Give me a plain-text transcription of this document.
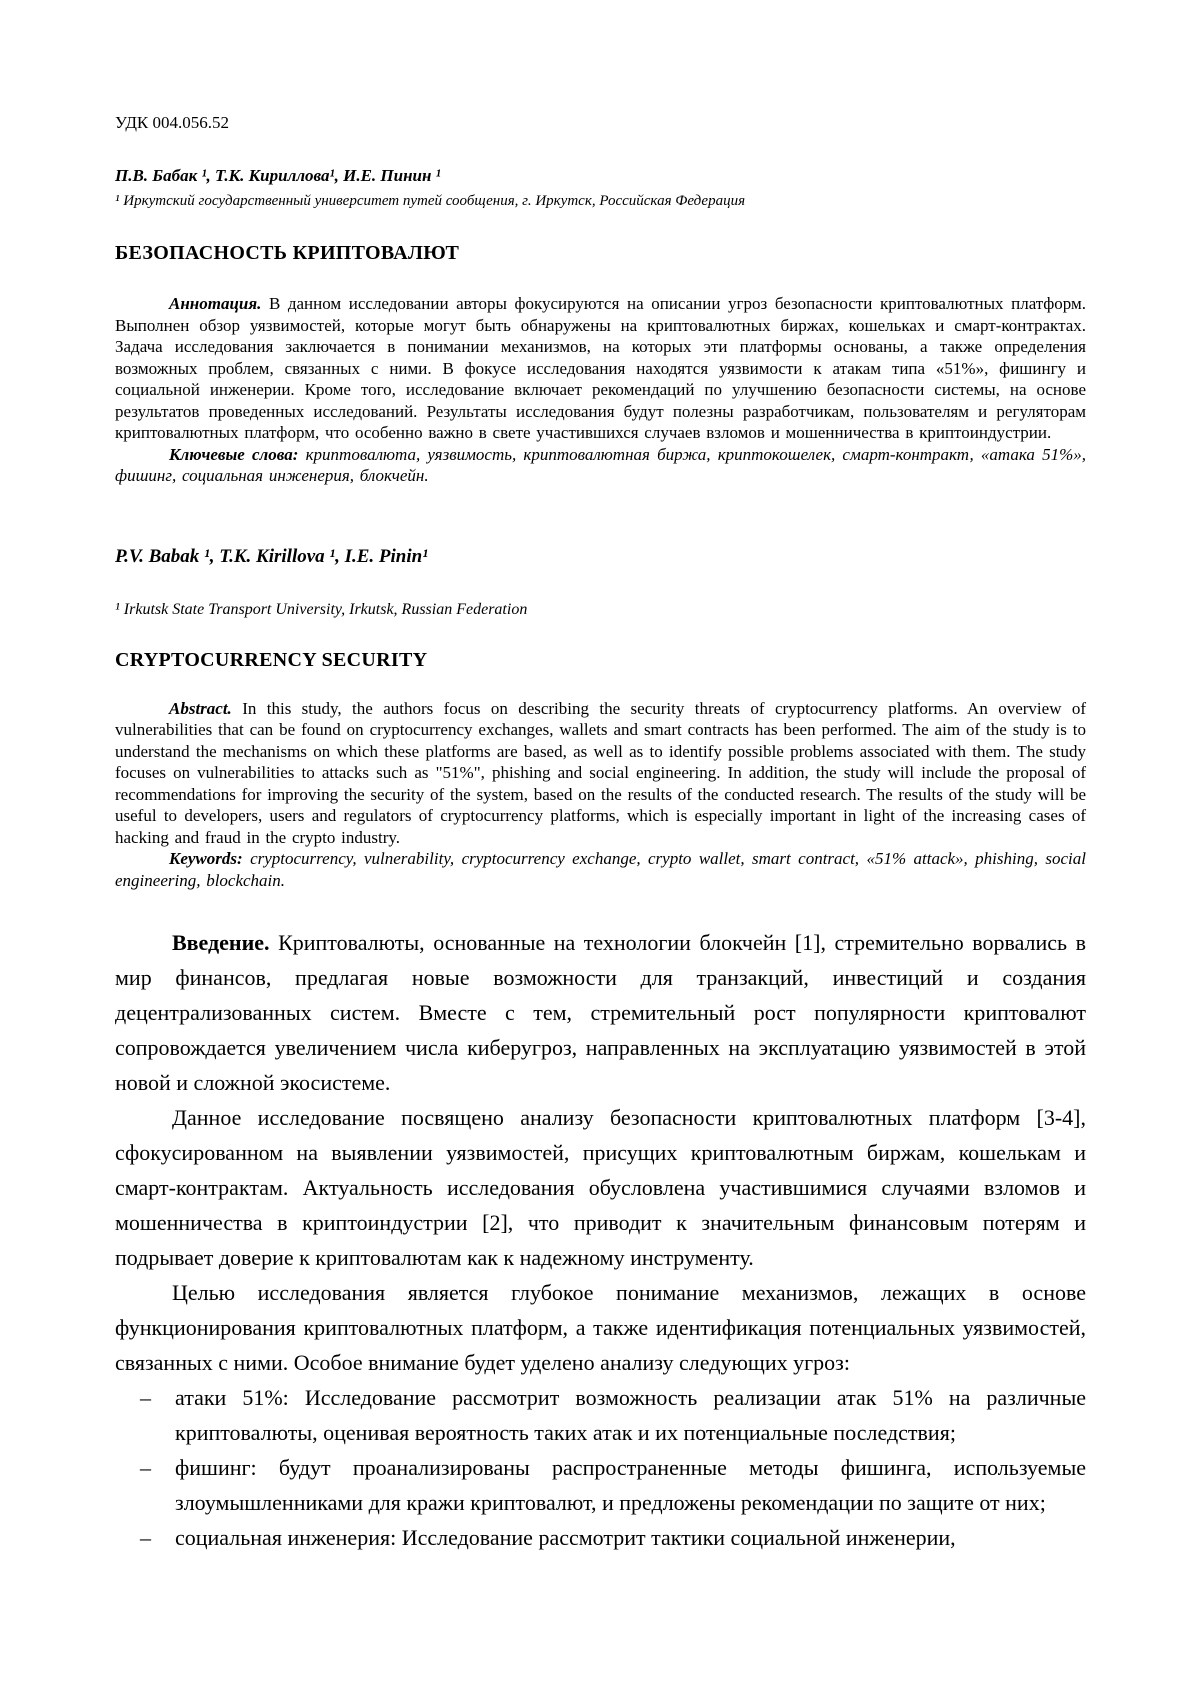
УДК 004.056.52

П.В. Бабак ¹, Т.К. Кириллова¹, И.Е. Пинин ¹

¹ Иркутский государственный университет путей сообщения, г. Иркутск, Российская Федерация

БЕЗОПАСНОСТЬ КРИПТОВАЛЮТ

Аннотация. В данном исследовании авторы фокусируются на описании угроз безопасности криптовалютных платформ. Выполнен обзор уязвимостей, которые могут быть обнаружены на криптовалютных биржах, кошельках и смарт-контрактах. Задача исследования заключается в понимании механизмов, на которых эти платформы основаны, а также определения возможных проблем, связанных с ними. В фокусе исследования находятся уязвимости к атакам типа «51%», фишингу и социальной инженерии. Кроме того, исследование включает рекомендаций по улучшению безопасности системы, на основе результатов проведенных исследований. Результаты исследования будут полезны разработчикам, пользователям и регуляторам криптовалютных платформ, что особенно важно в свете участившихся случаев взломов и мошенничества в криптоиндустрии.

Ключевые слова: криптовалюта, уязвимость, криптовалютная биржа, криптокошелек, смарт-контракт, «атака 51%», фишинг, социальная инженерия, блокчейн.

P.V. Babak ¹, T.K. Kirillova ¹, I.E. Pinin¹

¹ Irkutsk State Transport University, Irkutsk, Russian Federation

CRYPTOCURRENCY SECURITY

Abstract. In this study, the authors focus on describing the security threats of cryptocurrency platforms. An overview of vulnerabilities that can be found on cryptocurrency exchanges, wallets and smart contracts has been performed. The aim of the study is to understand the mechanisms on which these platforms are based, as well as to identify possible problems associated with them. The study focuses on vulnerabilities to attacks such as "51%", phishing and social engineering. In addition, the study will include the proposal of recommendations for improving the security of the system, based on the results of the conducted research. The results of the study will be useful to developers, users and regulators of cryptocurrency platforms, which is especially important in light of the increasing cases of hacking and fraud in the crypto industry.

Keywords: cryptocurrency, vulnerability, cryptocurrency exchange, crypto wallet, smart contract, «51% attack», phishing, social engineering, blockchain.

Введение. Криптовалюты, основанные на технологии блокчейн [1], стремительно ворвались в мир финансов, предлагая новые возможности для транзакций, инвестиций и создания децентрализованных систем. Вместе с тем, стремительный рост популярности криптовалют сопровождается увеличением числа киберугроз, направленных на эксплуатацию уязвимостей в этой новой и сложной экосистеме.

Данное исследование посвящено анализу безопасности криптовалютных платформ [3-4], сфокусированном на выявлении уязвимостей, присущих криптовалютным биржам, кошелькам и смарт-контрактам. Актуальность исследования обусловлена участившимися случаями взломов и мошенничества в криптоиндустрии [2], что приводит к значительным финансовым потерям и подрывает доверие к криптовалютам как к надежному инструменту.

Целью исследования является глубокое понимание механизмов, лежащих в основе функционирования криптовалютных платформ, а также идентификация потенциальных уязвимостей, связанных с ними. Особое внимание будет уделено анализу следующих угроз:

–	атаки 51%: Исследование рассмотрит возможность реализации атак 51% на различные криптовалюты, оценивая вероятность таких атак и их потенциальные последствия;
–	фишинг: будут проанализированы распространенные методы фишинга, используемые злоумышленниками для кражи криптовалют, и предложены рекомендации по защите от них;
–	социальная инженерия: Исследование рассмотрит тактики социальной инженерии,
